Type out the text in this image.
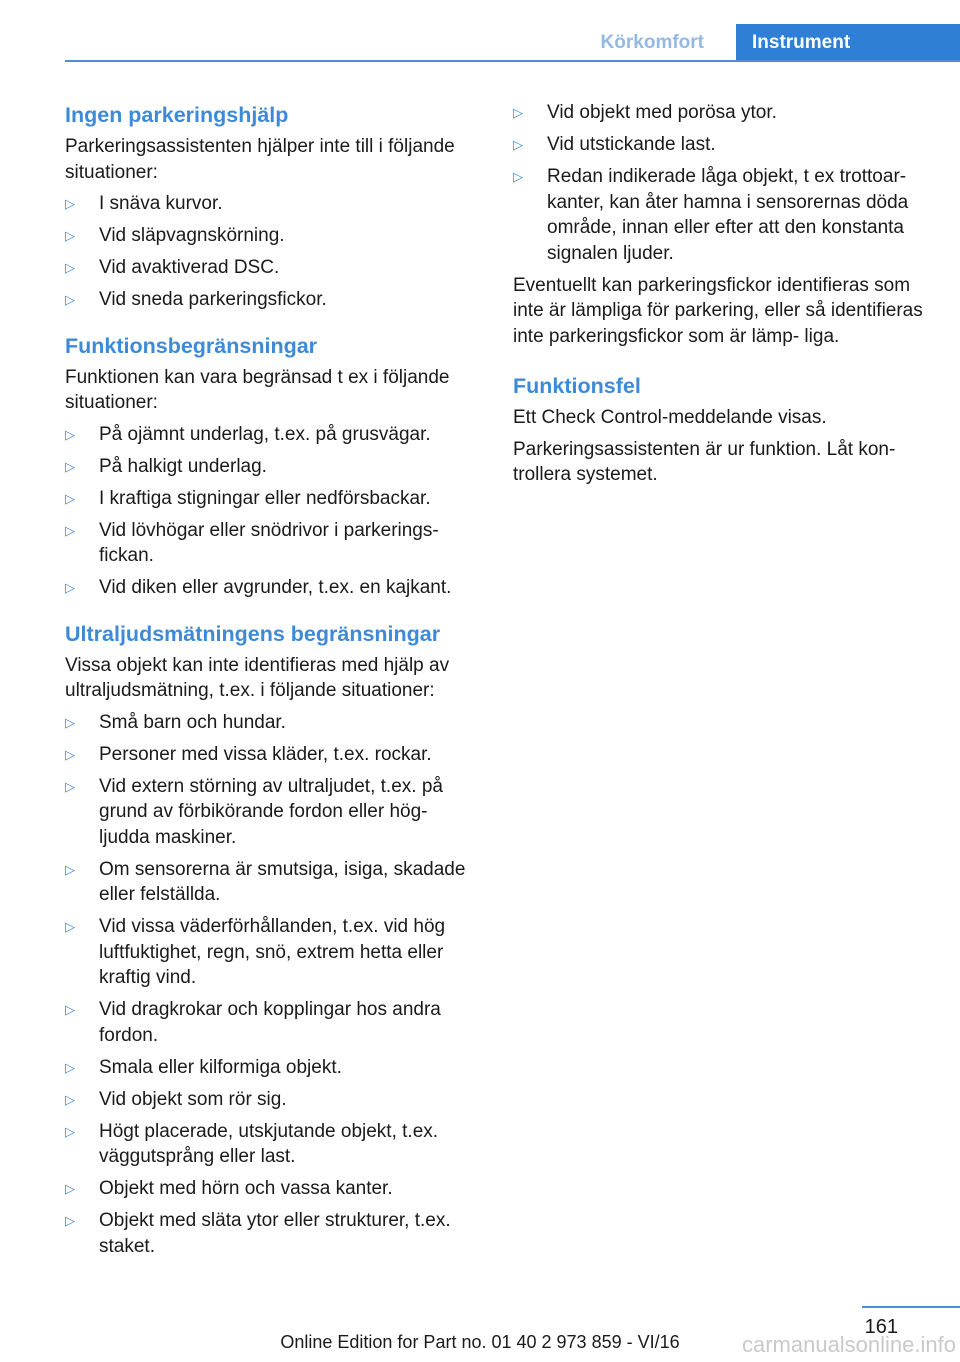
Körkomfort	Instrument
Ingen parkeringshjälp

Parkeringsassistenten hjälper inte till i följande situationer:

▷ I snäva kurvor.
▷ Vid släpvagnskörning.
▷ Vid avaktiverad DSC.
▷ Vid sneda parkeringsfickor.
Funktionsbegränsningar

Funktionen kan vara begränsad t ex i följande situationer:

▷ På ojämnt underlag, t.ex. på grusvägar.
▷ På halkigt underlag.
▷ I kraftiga stigningar eller nedförsbackar.
▷ Vid lövhögar eller snödrivor i parkerings‐ fickan.
▷ Vid diken eller avgrunder, t.ex. en kajkant.
Ultraljudsmätningens begränsningar

Vissa objekt kan inte identifieras med hjälp av ultraljudsmätning, t.ex. i följande situationer:

▷ Små barn och hundar.
▷ Personer med vissa kläder, t.ex. rockar.
▷ Vid extern störning av ultraljudet, t.ex. på grund av förbikörande fordon eller hög‐ ljudda maskiner.
▷ Om sensorerna är smutsiga, isiga, skadade eller felställda.
▷ Vid vissa väderförhållanden, t.ex. vid hög luftfuktighet, regn, snö, extrem hetta eller kraftig vind.
▷ Vid dragkrokar och kopplingar hos andra fordon.
▷ Smala eller kilformiga objekt.
▷ Vid objekt som rör sig.
▷ Högt placerade, utskjutande objekt, t.ex. väggutsprång eller last.
▷ Objekt med hörn och vassa kanter.
▷ Objekt med släta ytor eller strukturer, t.ex. staket.
▷ Vid objekt med porösa ytor.
▷ Vid utstickande last.
▷ Redan indikerade låga objekt, t ex trottoar‐ kanter, kan åter hamna i sensorernas döda område, innan eller efter att den konstanta signalen ljuder.

Eventuellt kan parkeringsfickor identifieras som inte är lämpliga för parkering, eller så identifieras inte parkeringsfickor som är lämp‐ liga.

Funktionsfel

Ett Check Control-meddelande visas.

Parkeringsassistenten är ur funktion. Låt kon‐ trollera systemet.

161
Online Edition for Part no. 01 40 2 973 859 - VI/16	carmanualsonline.info
